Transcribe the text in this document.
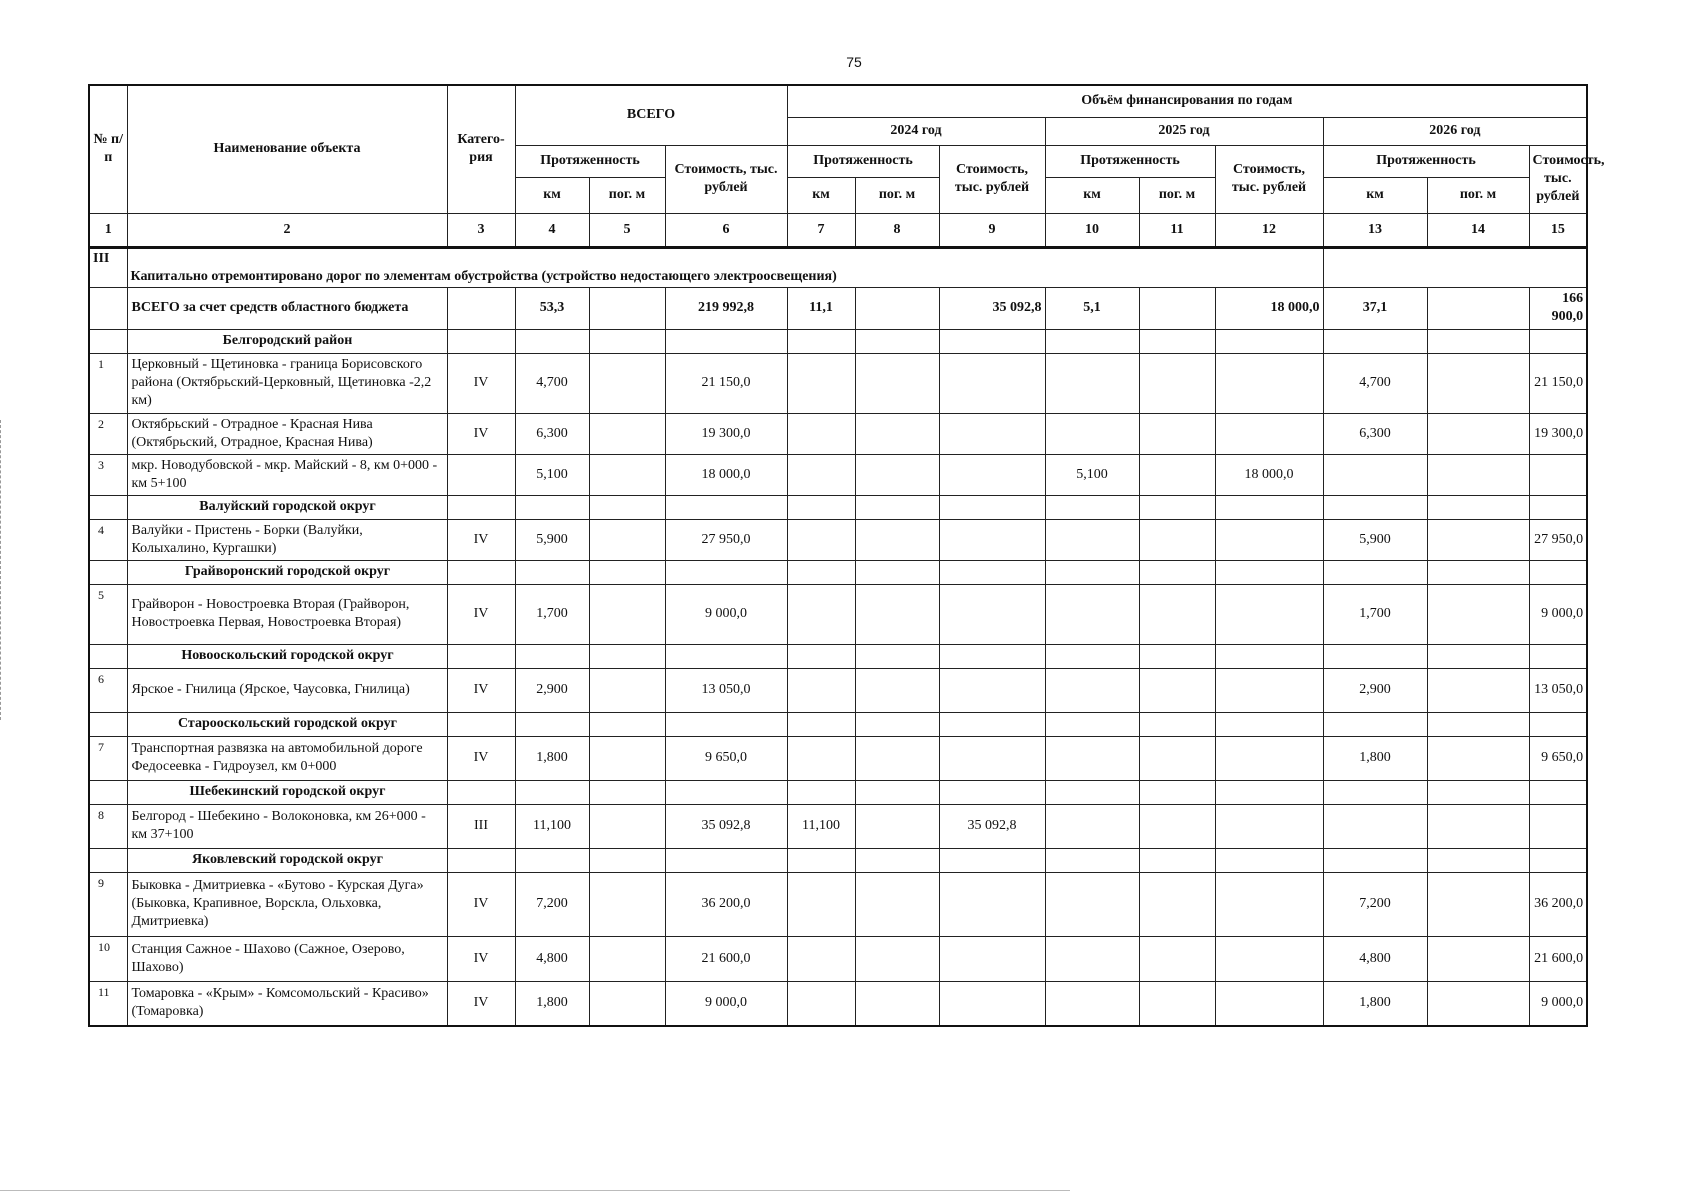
75
№ п/п	Наименование объекта	Катего-рия	ВСЕГО			Объём финансирования по годам								
						2024 год			2025 год			2026 год		
			Протяженность		Стоимость, тыс. рублей	Протяженность		Стоимость, тыс. рублей	Протяженность		Стоимость, тыс. рублей	Протяженность		Стоимость, тыс. рублей
			км	пог. м		км	пог. м		км	пог. м		км	пог. м	
1	2	3	4	5	6	7	8	9	10	11	12	13	14	15
III	Капитально отремонтировано дорог по элементам обустройства (устройство недостающего электроосвещения)													
	ВСЕГО за счет средств областного бюджета		53,3		219 992,8	11,1		35 092,8	5,1		18 000,0	37,1		166 900,0
	Белгородский район													
1	Церковный - Щетиновка - граница Борисовского района (Октябрьский-Церковный, Щетиновка -2,2 км)	IV	4,700		21 150,0							4,700		21 150,0
2	Октябрьский - Отрадное - Красная Нива (Октябрьский, Отрадное, Красная Нива)	IV	6,300		19 300,0							6,300		19 300,0
3	мкр. Новодубовской - мкр. Майский - 8, км 0+000 - км 5+100		5,100		18 000,0				5,100		18 000,0			
	Валуйский городской округ													
4	Валуйки - Пристень - Борки (Валуйки, Колыхалино, Кургашки)	IV	5,900		27 950,0							5,900		27 950,0
	Грайворонский городской округ													
5	Грайворон - Новостроевка Вторая (Грайворон, Новостроевка Первая, Новостроевка Вторая)	IV	1,700		9 000,0							1,700		9 000,0
	Новооскольский городской округ													
6	Ярское - Гнилица (Ярское, Чаусовка, Гнилица)	IV	2,900		13 050,0							2,900		13 050,0
	Старооскольский городской округ													
7	Транспортная развязка на автомобильной дороге Федосеевка - Гидроузел, км 0+000	IV	1,800		9 650,0							1,800		9 650,0
	Шебекинский городской округ													
8	Белгород - Шебекино - Волоконовка, км 26+000 - км 37+100	III	11,100		35 092,8	11,100		35 092,8						
	Яковлевский городской округ													
9	Быковка - Дмитриевка - «Бутово - Курская Дуга» (Быковка, Крапивное, Ворскла, Ольховка, Дмитриевка)	IV	7,200		36 200,0							7,200		36 200,0
10	Станция Сажное - Шахово (Сажное, Озерово, Шахово)	IV	4,800		21 600,0							4,800		21 600,0
11	Томаровка - «Крым» - Комсомольский - Красиво» (Томаровка)	IV	1,800		9 000,0							1,800		9 000,0
